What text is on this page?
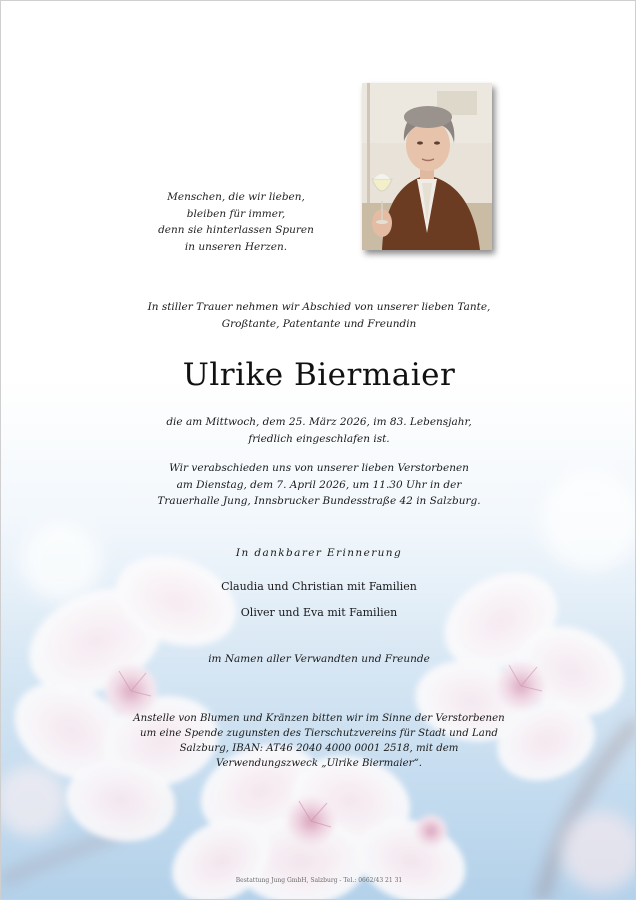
Menschen, die wir lieben,
bleiben für immer,
denn sie hinterlassen Spuren
in unseren Herzen.
In stiller Trauer nehmen wir Abschied von unserer lieben Tante,
Großtante, Patentante und Freundin
Ulrike Biermaier
die am Mittwoch, dem 25. März 2026, im 83. Lebensjahr,
friedlich eingeschlafen ist.
Wir verabschieden uns von unserer lieben Verstorbenen
am Dienstag, dem 7. April 2026, um 11.30 Uhr in der
Trauerhalle Jung, Innsbrucker Bundesstraße 42 in Salzburg.
In dankbarer Erinnerung
Claudia und Christian mit Familien
Oliver und Eva mit Familien
im Namen aller Verwandten und Freunde
Anstelle von Blumen und Kränzen bitten wir im Sinne der Verstorbenen
um eine Spende zugunsten des Tierschutzvereins für Stadt und Land
Salzburg, IBAN: AT46 2040 4000 0001 2518, mit dem
Verwendungszweck „Ulrike Biermaier“.
Bestattung Jung GmbH, Salzburg - Tel.: 0662/43 21 31
